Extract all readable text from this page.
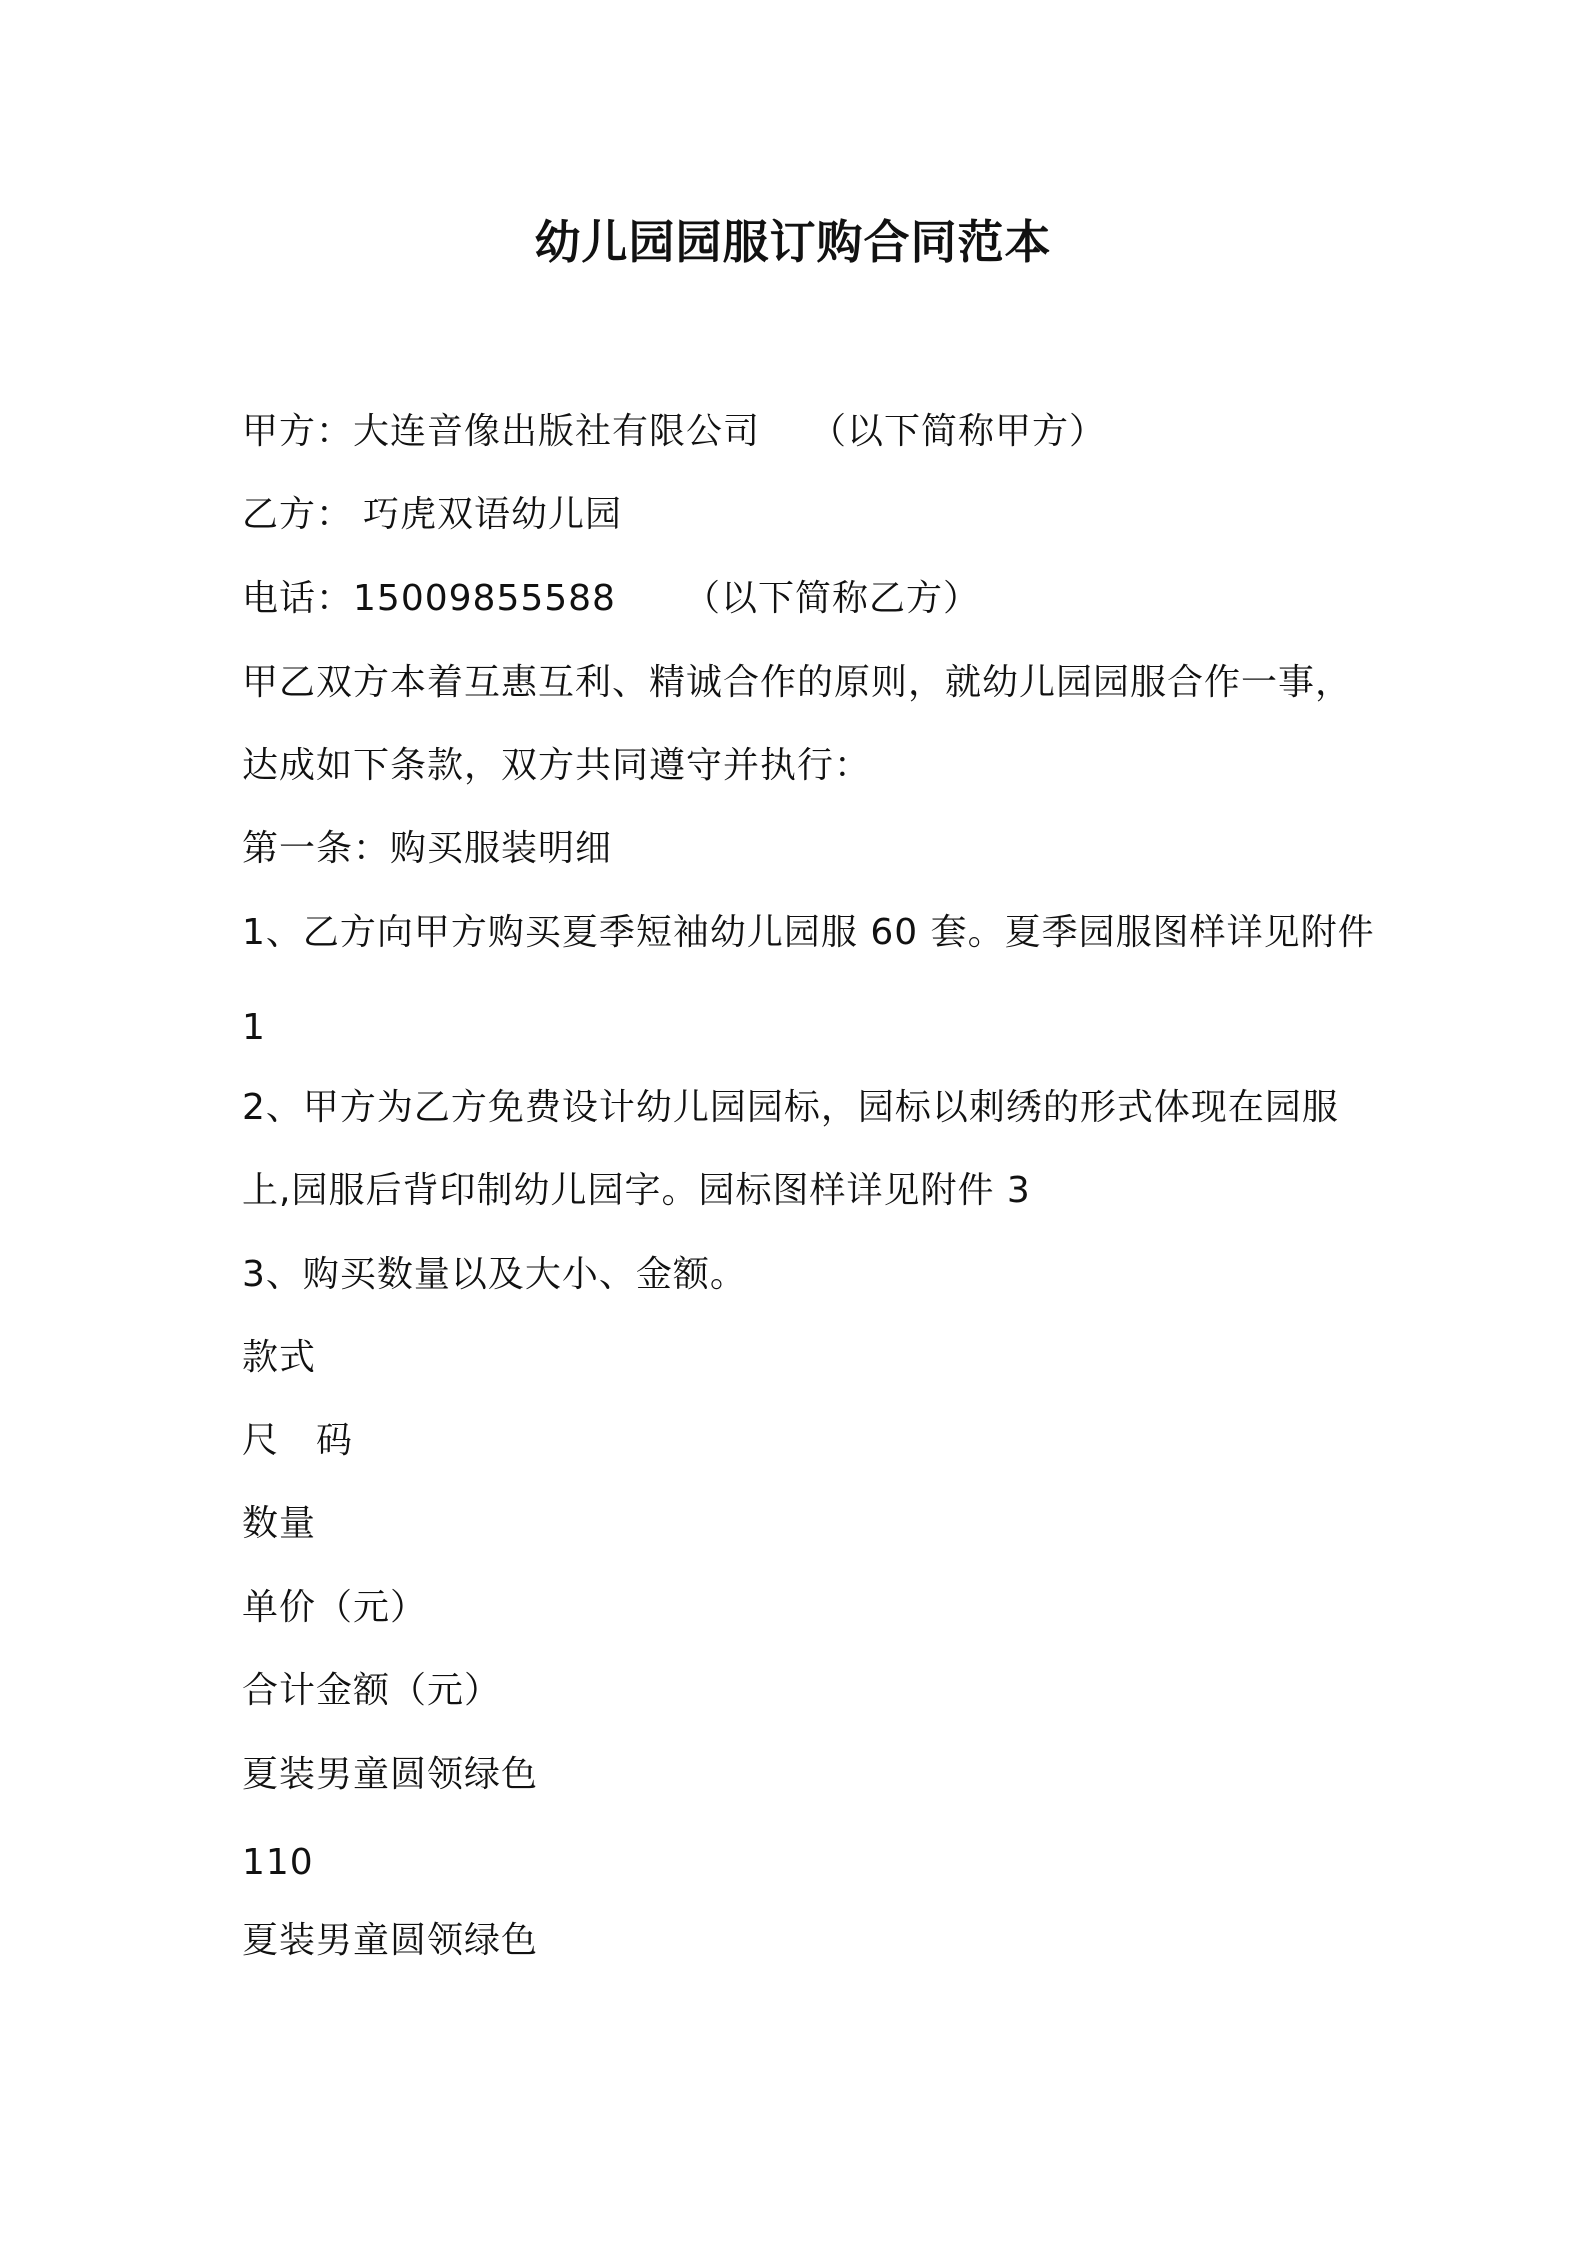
幼儿园园服订购合同范本
甲方：大连音像出版社有限公司 （以下简称甲方）
乙方： 巧虎双语幼儿园
电话：15009855588 （以下简称乙方）
甲乙双方本着互惠互利、精诚合作的原则，就幼儿园园服合作一事，
达成如下条款，双方共同遵守并执行：
第一条：购买服装明细
1、乙方向甲方购买夏季短袖幼儿园服 60 套。夏季园服图样详见附件
1
2、甲方为乙方免费设计幼儿园园标，园标以刺绣的形式体现在园服
上,园服后背印制幼儿园字。园标图样详见附件 3
3、购买数量以及大小、金额。
款式
尺　码
数量
单价（元）
合计金额（元）
夏装男童圆领绿色
110
夏装男童圆领绿色
